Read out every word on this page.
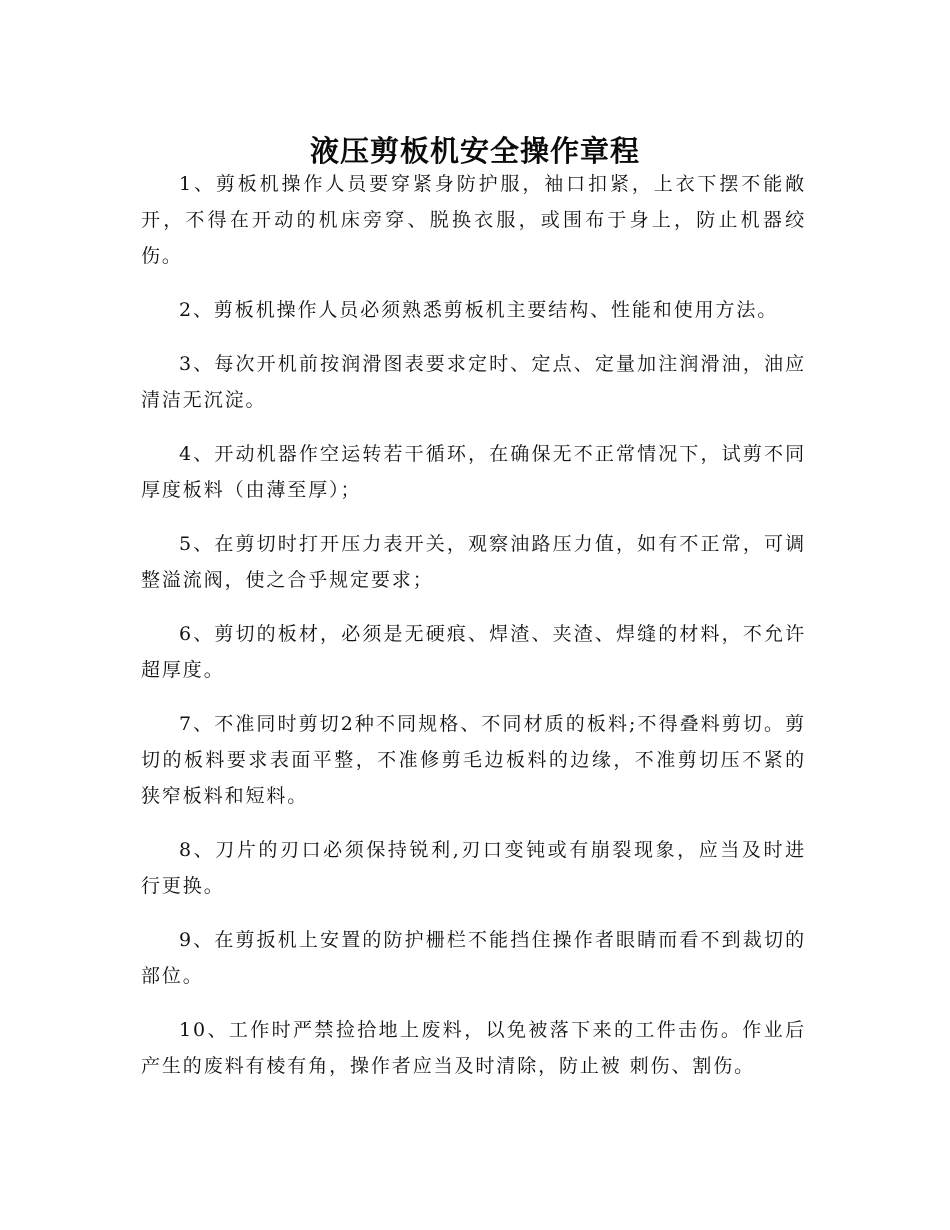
液压剪板机安全操作章程

1、剪板机操作人员要穿紧身防护服，袖口扣紧，上衣下摆不能敞开，不得在开动的机床旁穿、脱换衣服，或围布于身上，防止机器绞伤。

2、剪板机操作人员必须熟悉剪板机主要结构、性能和使用方法。

3、每次开机前按润滑图表要求定时、定点、定量加注润滑油，油应清洁无沉淀。

4、开动机器作空运转若干循环，在确保无不正常情况下，试剪不同厚度板料（由薄至厚）；

5、在剪切时打开压力表开关，观察油路压力值，如有不正常，可调整溢流阀，使之合乎规定要求；

6、剪切的板材，必须是无硬痕、焊渣、夹渣、焊缝的材料，不允许超厚度。

7、不准同时剪切2种不同规格、不同材质的板料;不得叠料剪切。剪切的板料要求表面平整，不准修剪毛边板料的边缘，不准剪切压不紧的狭窄板料和短料。

8、刀片的刃口必须保持锐利,刃口变钝或有崩裂现象，应当及时进行更换。

9、在剪扳机上安置的防护栅栏不能挡住操作者眼睛而看不到裁切的部位。

10、工作时严禁捡拾地上废料，以免被落下来的工件击伤。作业后产生的废料有棱有角，操作者应当及时清除，防止被 刺伤、割伤。
